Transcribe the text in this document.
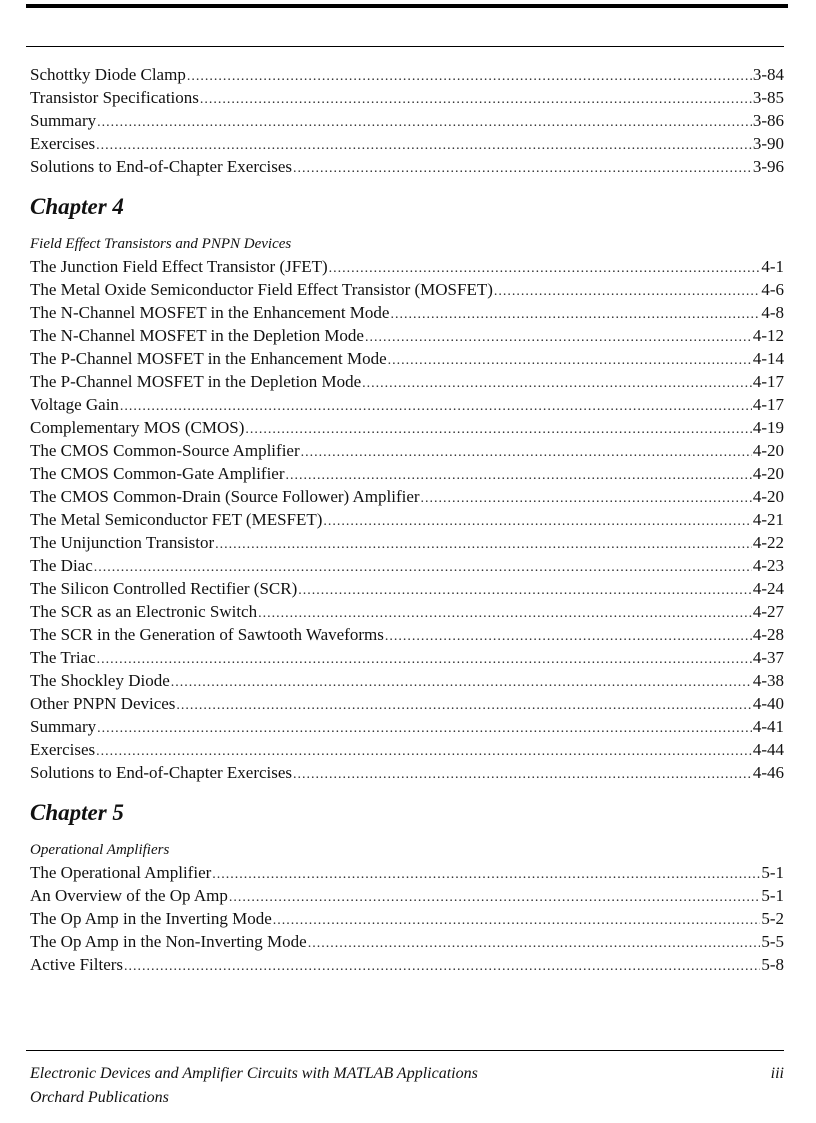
Schottky Diode Clamp .....	3-84
Transistor Specifications .....	3-85
Summary .....	3-86
Exercises .....	3-90
Solutions to End-of-Chapter Exercises .....	3-96
Chapter 4
Field Effect Transistors and PNPN Devices
The Junction Field Effect Transistor (JFET) .....	4-1
The Metal Oxide Semiconductor Field Effect Transistor (MOSFET) .....	4-6
The N-Channel MOSFET in the Enhancement Mode .....	4-8
The N-Channel MOSFET in the Depletion Mode .....	4-12
The P-Channel MOSFET in the Enhancement Mode .....	4-14
The P-Channel MOSFET in the Depletion Mode .....	4-17
Voltage Gain .....	4-17
Complementary MOS (CMOS) .....	4-19
The CMOS Common-Source Amplifier .....	4-20
The CMOS Common-Gate Amplifier .....	4-20
The CMOS Common-Drain (Source Follower) Amplifier .....	4-20
The Metal Semiconductor FET (MESFET) .....	4-21
The Unijunction Transistor .....	4-22
The Diac .....	4-23
The Silicon Controlled Rectifier (SCR) .....	4-24
The SCR as an Electronic Switch .....	4-27
The SCR in the Generation of Sawtooth Waveforms .....	4-28
The Triac .....	4-37
The Shockley Diode .....	4-38
Other PNPN Devices .....	4-40
Summary .....	4-41
Exercises .....	4-44
Solutions to End-of-Chapter Exercises .....	4-46
Chapter 5
Operational Amplifiers
The Operational Amplifier .....	5-1
An Overview of the Op Amp .....	5-1
The Op Amp in the Inverting Mode .....	5-2
The Op Amp in the Non-Inverting Mode .....	5-5
Active Filters .....	5-8
Electronic Devices and Amplifier Circuits with MATLAB Applications	iii
Orchard Publications
